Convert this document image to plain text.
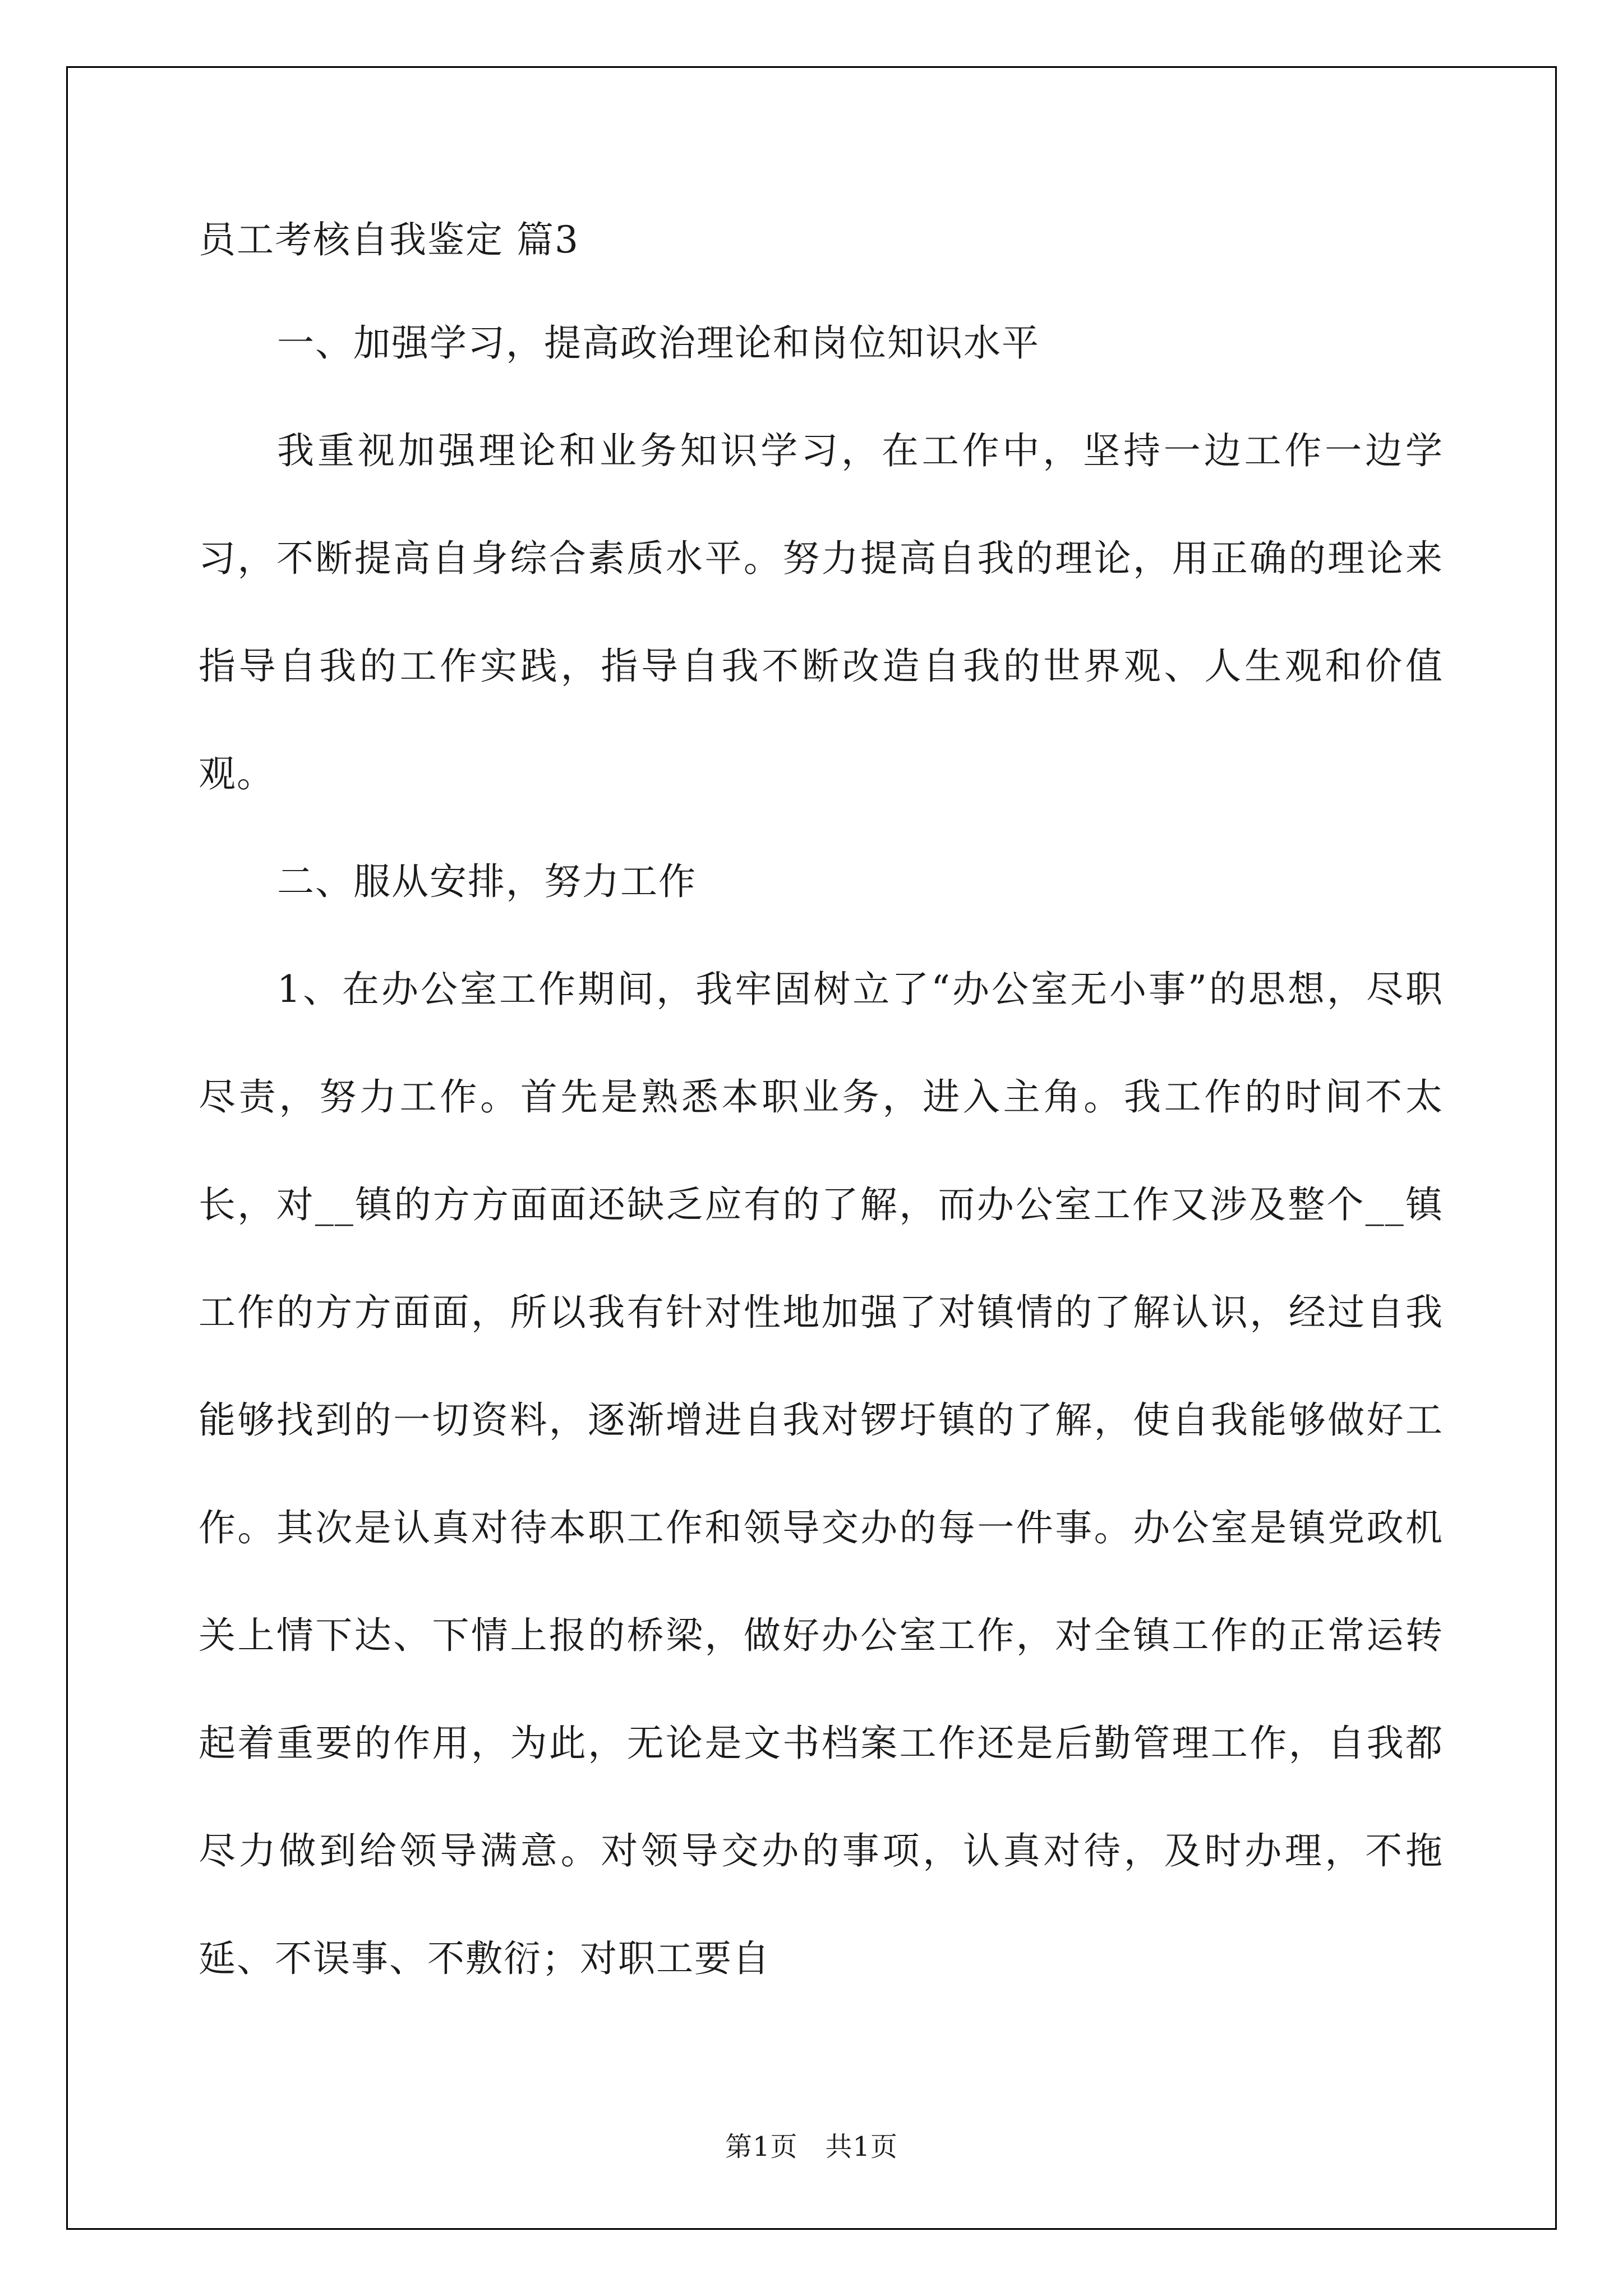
员工考核自我鉴定 篇3
一、加强学习，提高政治理论和岗位知识水平
我重视加强理论和业务知识学习，在工作中，坚持一边工作一边学习，不断提高自身综合素质水平。努力提高自我的理论，用正确的理论来指导自我的工作实践，指导自我不断改造自我的世界观、人生观和价值观。
二、服从安排，努力工作
1、在办公室工作期间，我牢固树立了“办公室无小事”的思想，尽职尽责，努力工作。首先是熟悉本职业务，进入主角。我工作的时间不太长，对__镇的方方面面还缺乏应有的了解，而办公室工作又涉及整个__镇工作的方方面面，所以我有针对性地加强了对镇情的了解认识，经过自我能够找到的一切资料，逐渐增进自我对锣圩镇的了解，使自我能够做好工作。其次是认真对待本职工作和领导交办的每一件事。办公室是镇党政机关上情下达、下情上报的桥梁，做好办公室工作，对全镇工作的正常运转起着重要的作用，为此，无论是文书档案工作还是后勤管理工作，自我都尽力做到给领导满意。对领导交办的事项，认真对待，及时办理，不拖延、不误事、不敷衍；对职工要自
第1页　共1页
